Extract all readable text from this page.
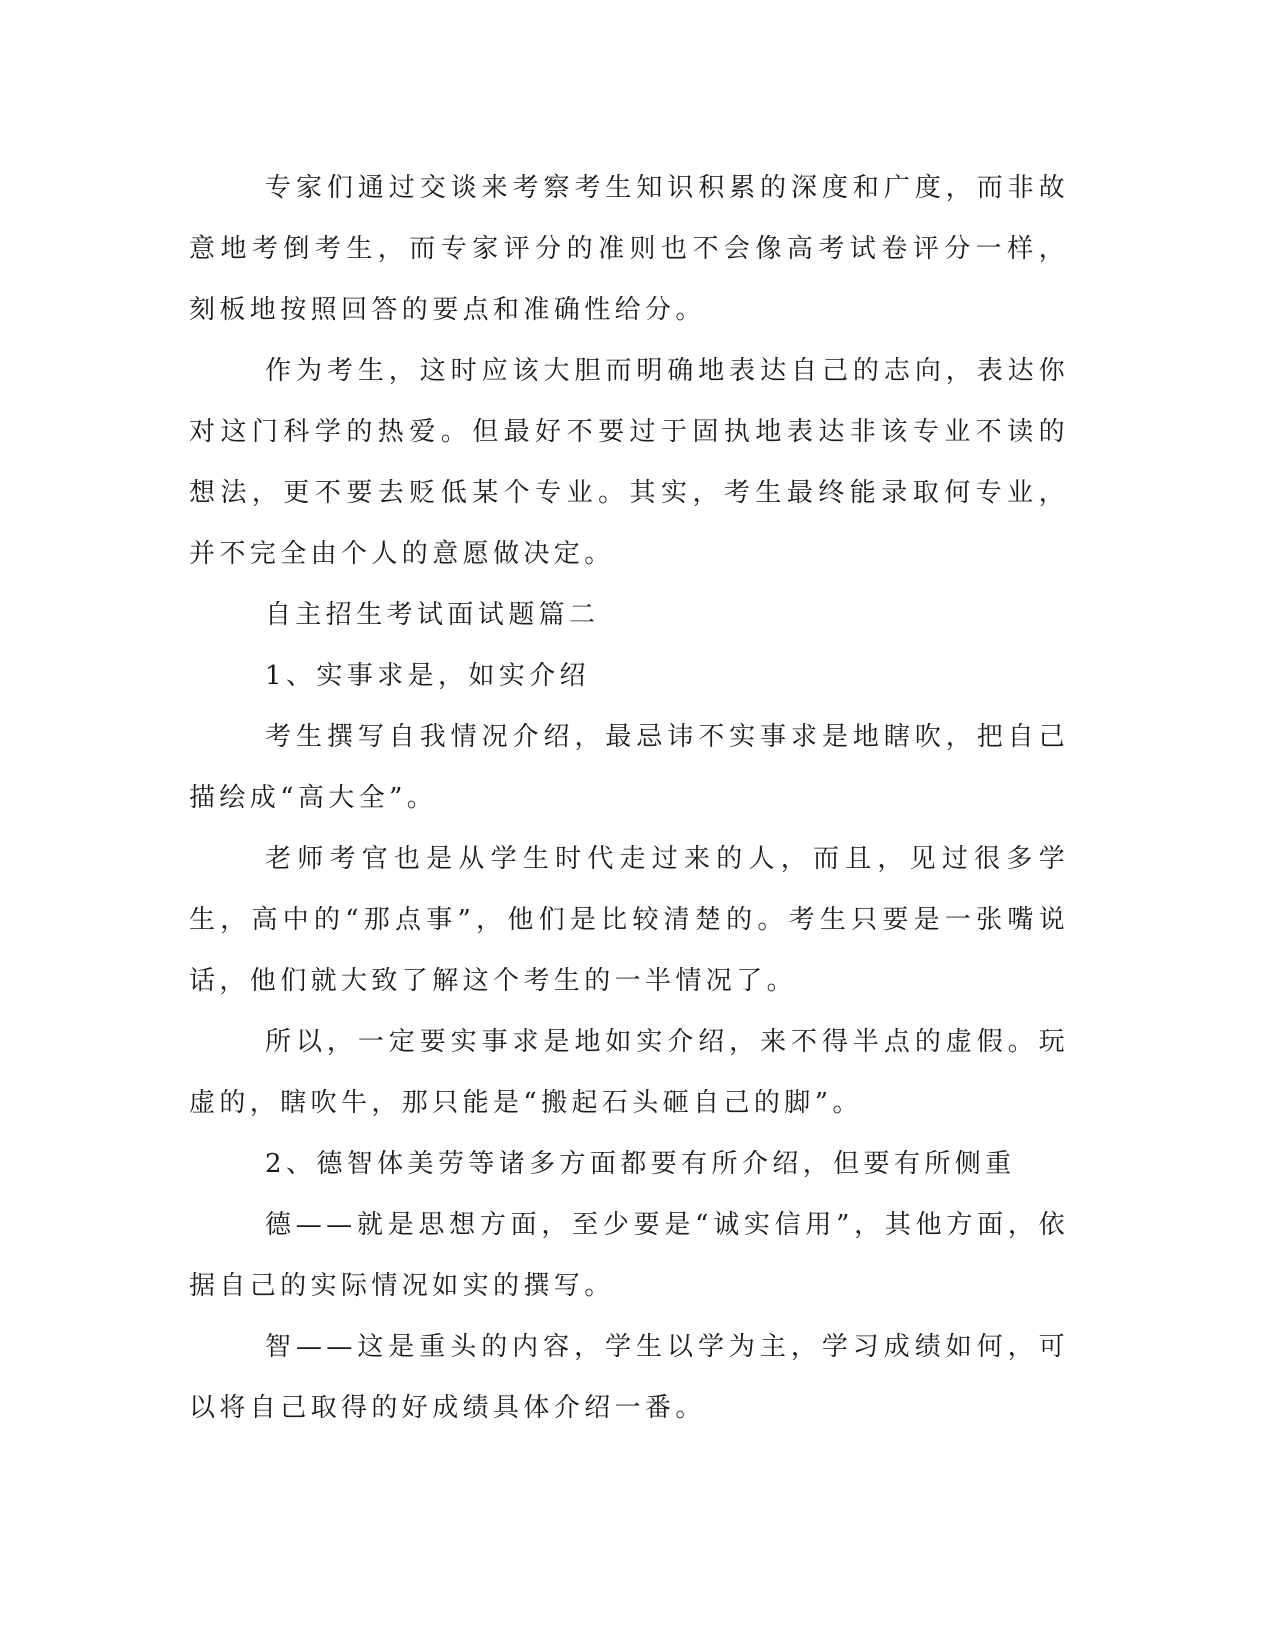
专家们通过交谈来考察考生知识积累的深度和广度，而非故意地考倒考生，而专家评分的准则也不会像高考试卷评分一样，刻板地按照回答的要点和准确性给分。

作为考生，这时应该大胆而明确地表达自己的志向，表达你对这门科学的热爱。但最好不要过于固执地表达非该专业不读的想法，更不要去贬低某个专业。其实，考生最终能录取何专业，并不完全由个人的意愿做决定。

自主招生考试面试题篇二

1、实事求是，如实介绍

考生撰写自我情况介绍，最忌讳不实事求是地瞎吹，把自己描绘成“高大全”。

老师考官也是从学生时代走过来的人，而且，见过很多学生，高中的“那点事”，他们是比较清楚的。考生只要是一张嘴说话，他们就大致了解这个考生的一半情况了。

所以，一定要实事求是地如实介绍，来不得半点的虚假。玩虚的，瞎吹牛，那只能是“搬起石头砸自己的脚”。

2、德智体美劳等诸多方面都要有所介绍，但要有所侧重

德——就是思想方面，至少要是“诚实信用”，其他方面，依据自己的实际情况如实的撰写。

智——这是重头的内容，学生以学为主，学习成绩如何，可以将自己取得的好成绩具体介绍一番。
